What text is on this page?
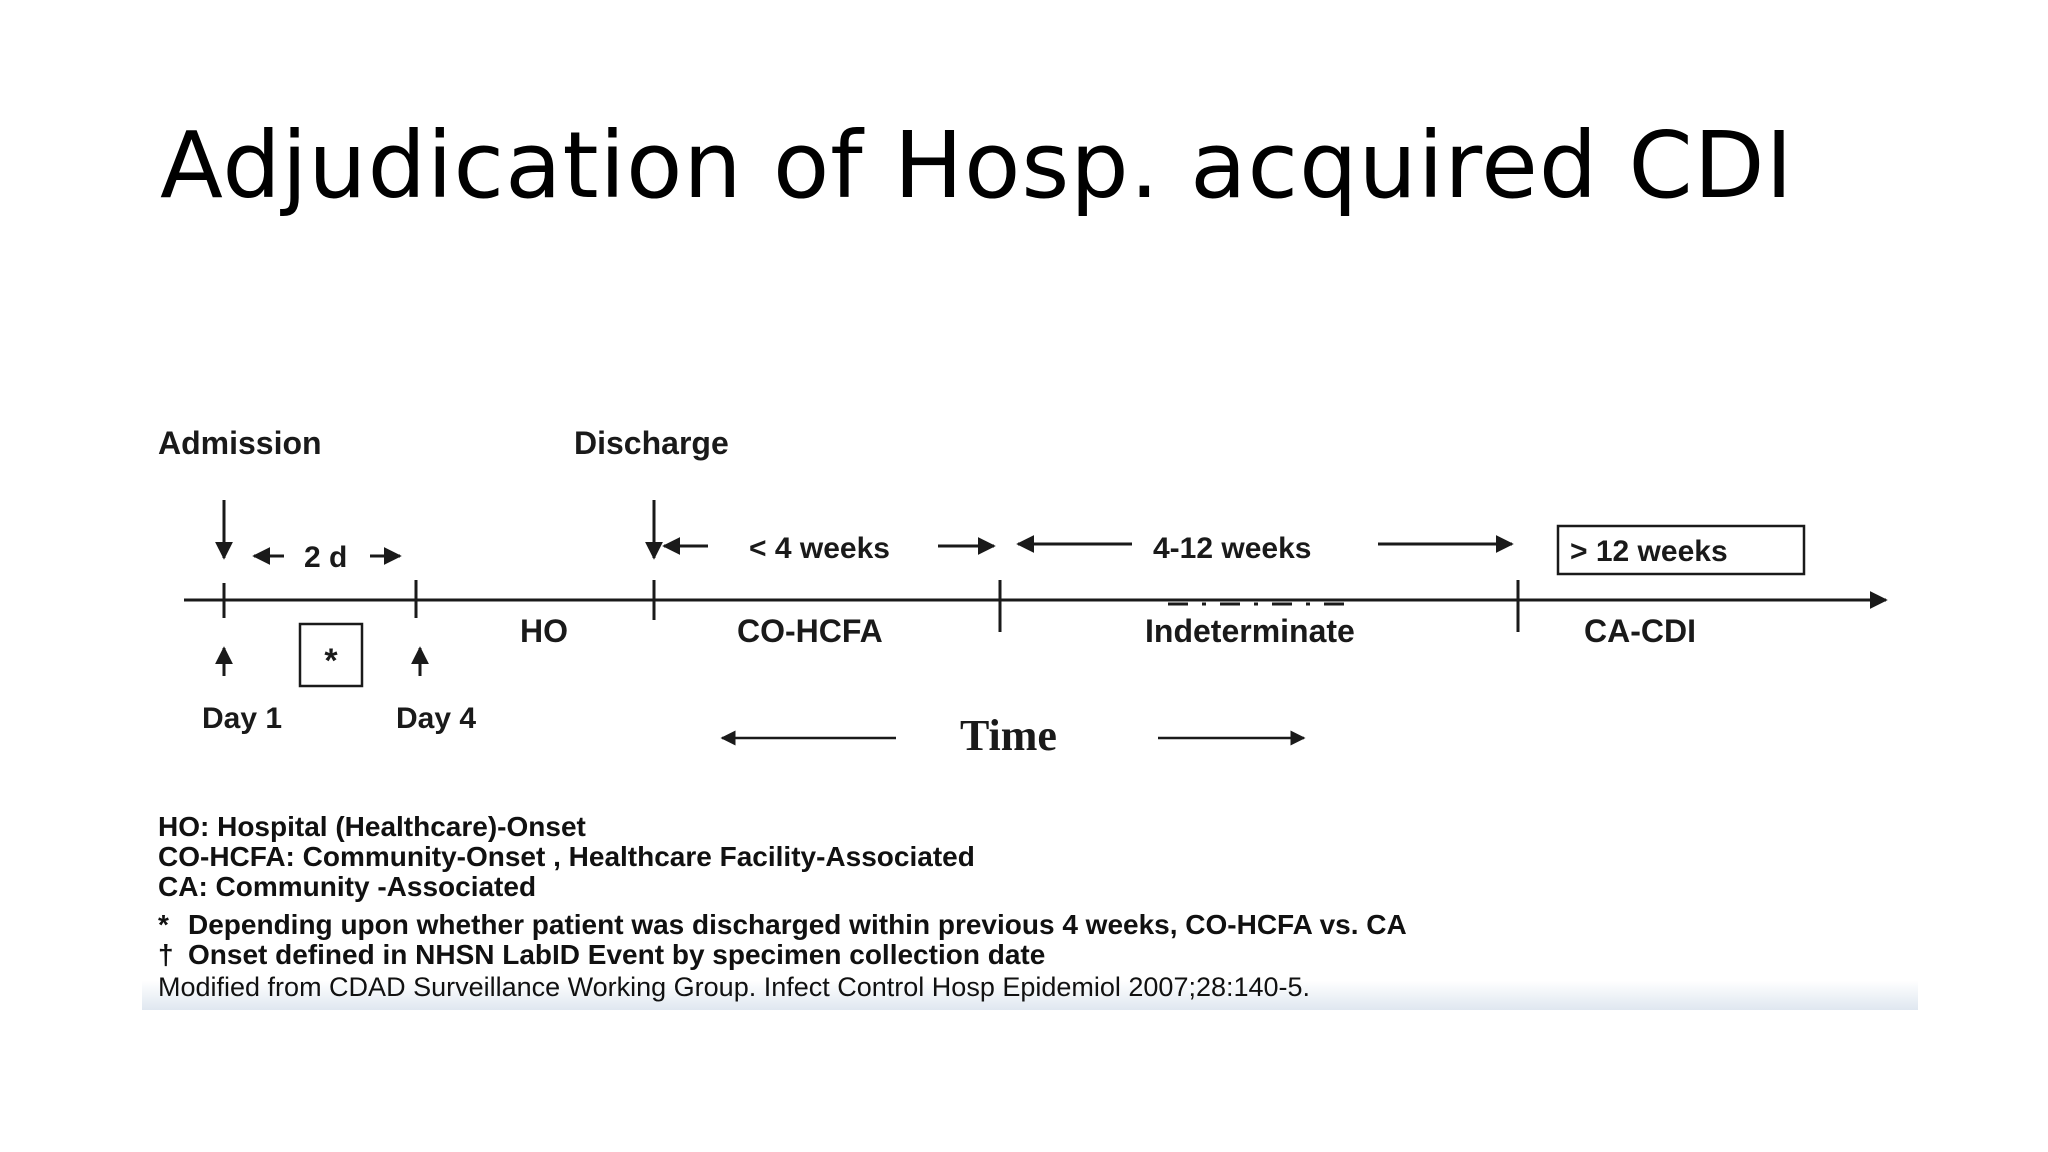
Adjudication of Hosp. acquired CDI
Admission	Discharge
2 d	< 4 weeks	4-12 weeks	> 12 weeks
HO	CO-HCFA	Indeterminate	CA-CDI
*
Day 1	Day 4	Time
HO: Hospital (Healthcare)-Onset
CO-HCFA: Community-Onset , Healthcare Facility-Associated
CA: Community -Associated
* Depending upon whether patient was discharged within previous 4 weeks, CO-HCFA vs. CA
† Onset defined in NHSN LabID Event by specimen collection date
Modified from CDAD Surveillance Working Group. Infect Control Hosp Epidemiol 2007;28:140-5.
